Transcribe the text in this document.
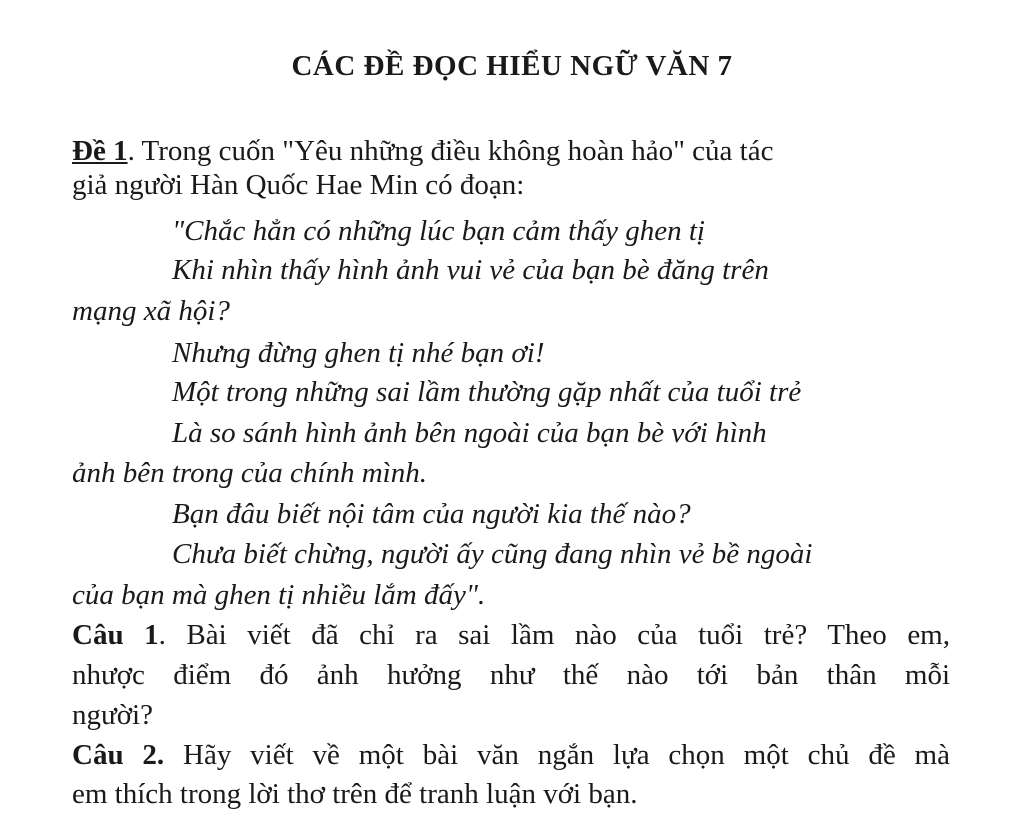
CÁC ĐỀ ĐỌC HIỂU NGỮ VĂN 7
Đề 1. Trong cuốn "Yêu những điều không hoàn hảo" của tác
giả người Hàn Quốc Hae Min có đoạn:
"Chắc hẳn có những lúc bạn cảm thấy ghen tị
Khi nhìn thấy hình ảnh vui vẻ của bạn bè đăng trên
mạng xã hội?
Nhưng đừng ghen tị nhé bạn ơi!
Một trong những sai lầm thường gặp nhất của tuổi trẻ
Là so sánh hình ảnh bên ngoài của bạn bè với hình
ảnh bên trong của chính mình.
Bạn đâu biết nội tâm của người kia thế nào?
Chưa biết chừng, người ấy cũng đang nhìn vẻ bề ngoài
của bạn mà ghen tị nhiều lắm đấy".
Câu 1. Bài viết đã chỉ ra sai lầm nào của tuổi trẻ? Theo em,
nhược điểm đó ảnh hưởng như thế nào tới bản thân mỗi
người?
Câu 2. Hãy viết về một bài văn ngắn lựa chọn một chủ đề mà
em thích trong lời thơ trên để tranh luận với bạn.
